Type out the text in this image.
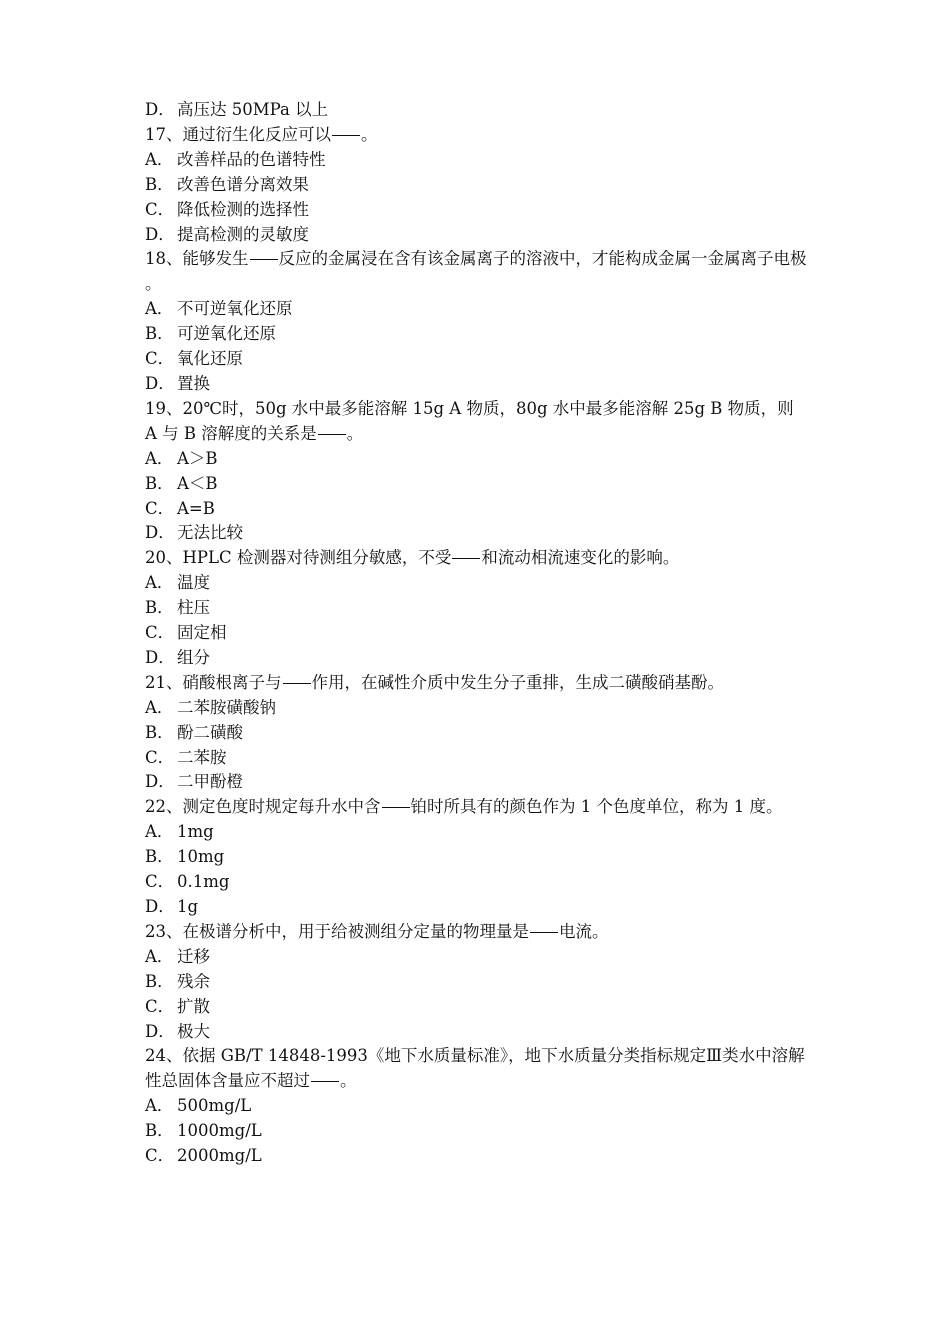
D． 高压达 50MPa 以上
17、通过衍生化反应可以 。
A． 改善样品的色谱特性
B． 改善色谱分离效果
C． 降低检测的选择性
D． 提高检测的灵敏度
18、能够发生 反应的金属浸在含有该金属离子的溶液中，才能构成金属一金属离子电极。
A． 不可逆氧化还原
B． 可逆氧化还原
C． 氧化还原
D． 置换
19、20℃时，50g 水中最多能溶解 15g A 物质，80g 水中最多能溶解 25g B 物质，则 A 与 B 溶解度的关系是 。
A． A＞B
B． A＜B
C． A=B
D． 无法比较
20、HPLC 检测器对待测组分敏感，不受 和流动相流速变化的影响。
A． 温度
B． 柱压
C． 固定相
D． 组分
21、硝酸根离子与 作用，在碱性介质中发生分子重排，生成二磺酸硝基酚。
A． 二苯胺磺酸钠
B． 酚二磺酸
C． 二苯胺
D． 二甲酚橙
22、测定色度时规定每升水中含 铂时所具有的颜色作为 1 个色度单位，称为 1 度。
A． 1mg
B． 10mg
C． 0.1mg
D． 1g
23、在极谱分析中，用于给被测组分定量的物理量是 电流。
A． 迁移
B． 残余
C． 扩散
D． 极大
24、依据 GB/T 14848-1993《地下水质量标准》，地下水质量分类指标规定Ⅲ类水中溶解性总固体含量应不超过 。
A． 500mg/L
B． 1000mg/L
C． 2000mg/L
